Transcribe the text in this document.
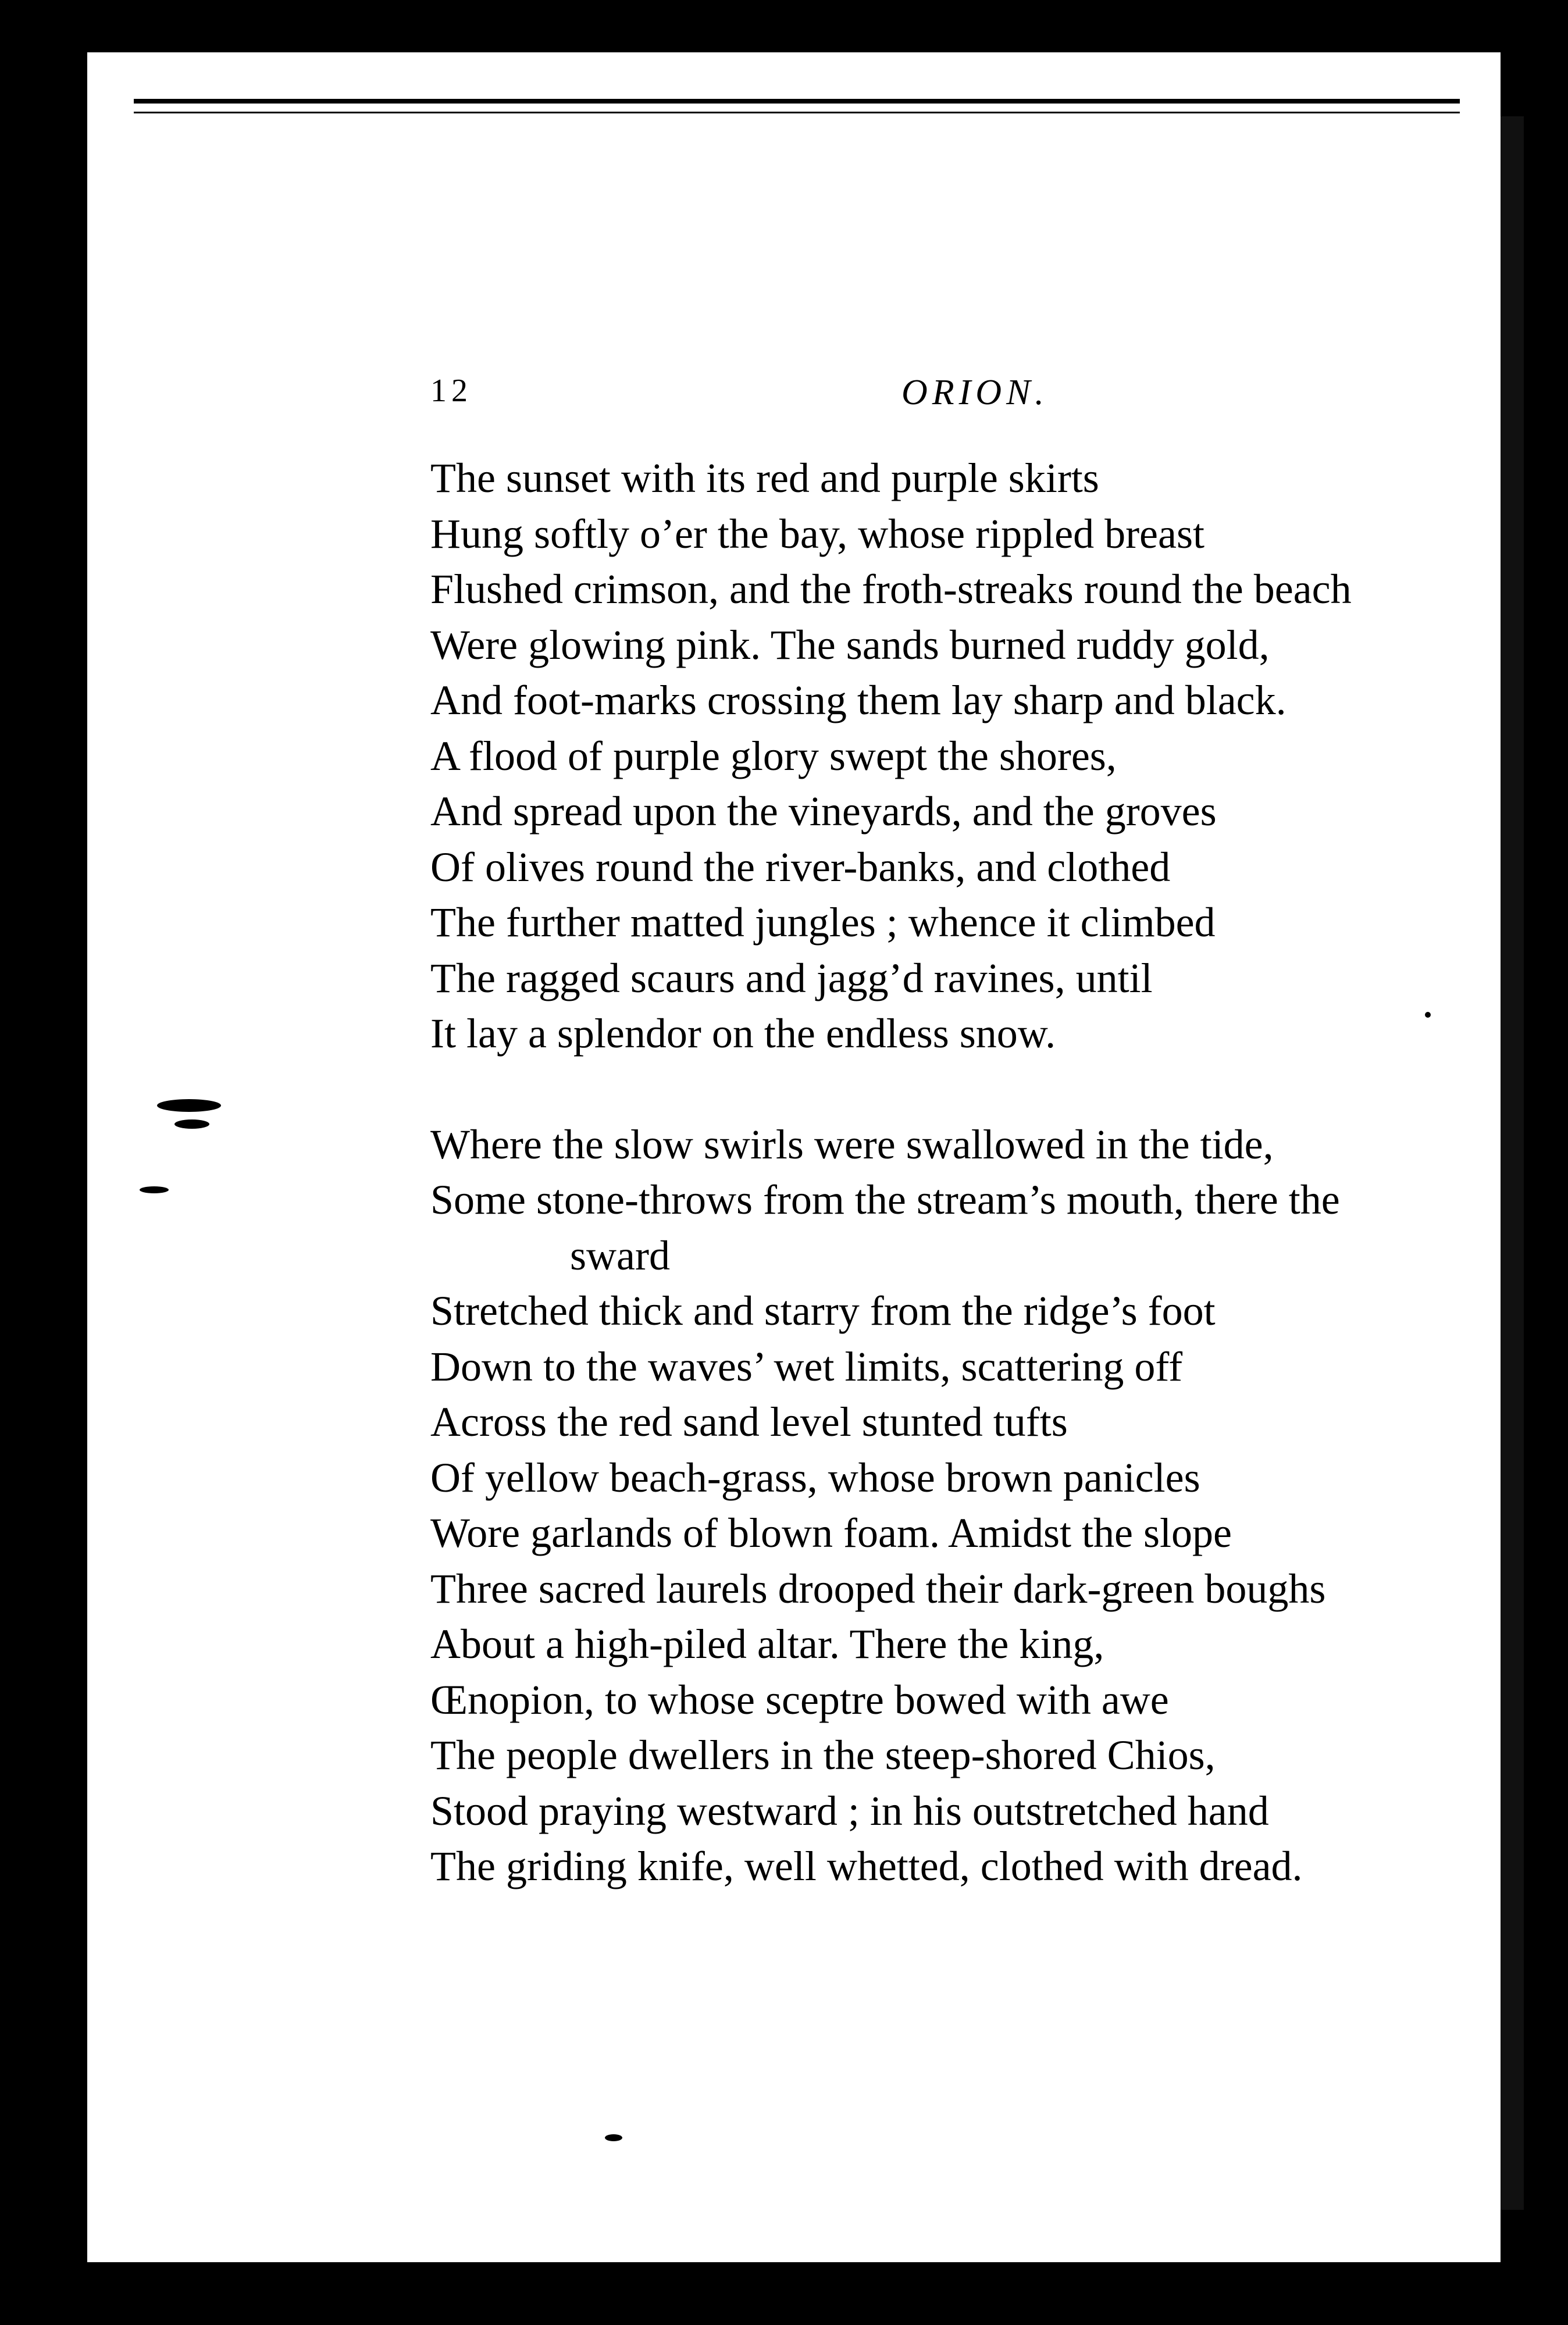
12	ORION.
The sunset with its red and purple skirts
Hung softly o’er the bay, whose rippled breast
Flushed crimson, and the froth-streaks round the beach
Were glowing pink. The sands burned ruddy gold,
And foot-marks crossing them lay sharp and black.
A flood of purple glory swept the shores,
And spread upon the vineyards, and the groves
Of olives round the river-banks, and clothed
The further matted jungles ; whence it climbed
The ragged scaurs and jagg’d ravines, until
It lay a splendor on the endless snow.
Where the slow swirls were swallowed in the tide,
Some stone-throws from the stream’s mouth, there the
sward
Stretched thick and starry from the ridge’s foot
Down to the waves’ wet limits, scattering off
Across the red sand level stunted tufts
Of yellow beach-grass, whose brown panicles
Wore garlands of blown foam. Amidst the slope
Three sacred laurels drooped their dark-green boughs
About a high-piled altar. There the king,
Œnopion, to whose sceptre bowed with awe
The people dwellers in the steep-shored Chios,
Stood praying westward ; in his outstretched hand
The griding knife, well whetted, clothed with dread.
